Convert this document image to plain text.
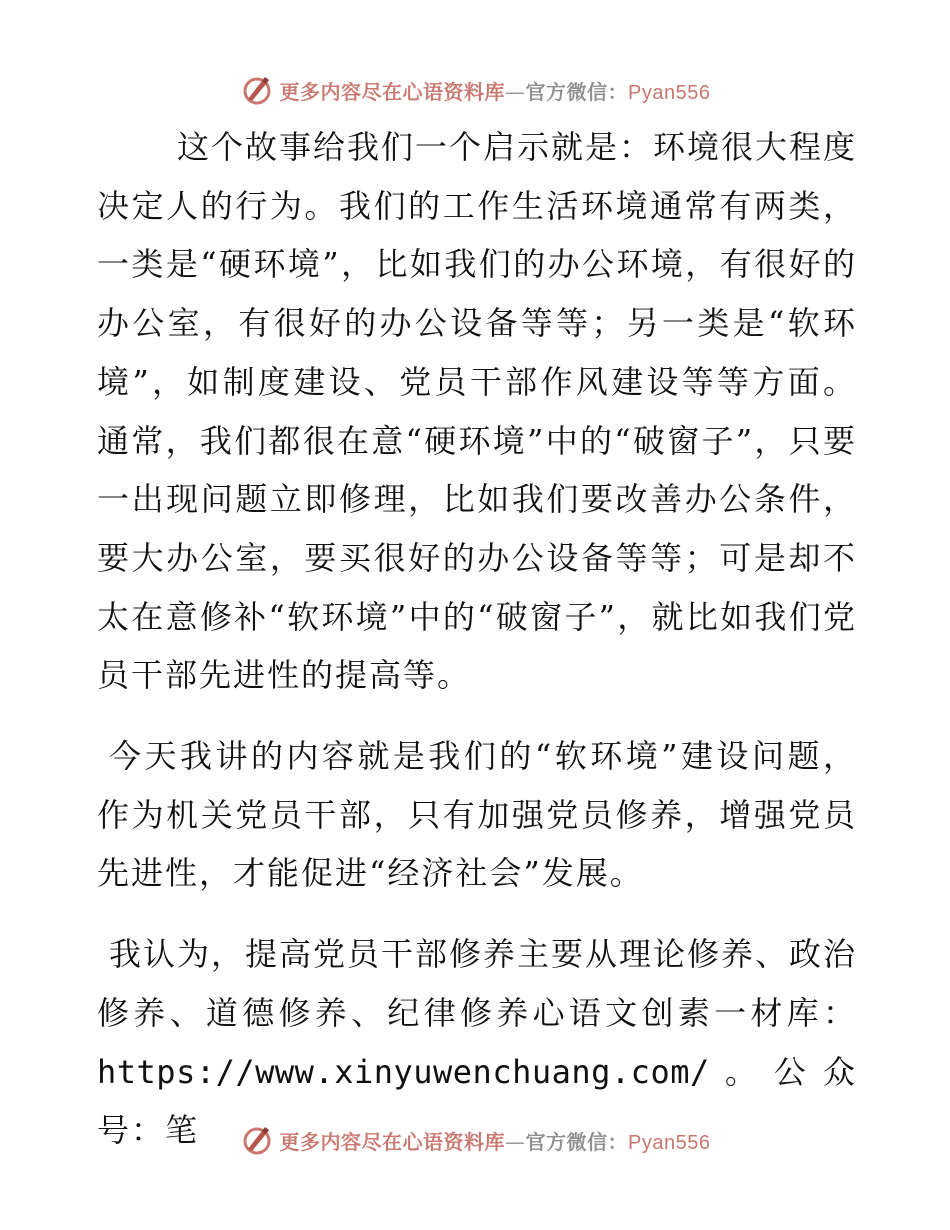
更多内容尽在心语资料库—官方微信：Pyan556

这个故事给我们一个启示就是：环境很大程度决定人的行为。我们的工作生活环境通常有两类，一类是“硬环境”，比如我们的办公环境，有很好的办公室，有很好的办公设备等等；另一类是“软环境”，如制度建设、党员干部作风建设等等方面。通常，我们都很在意“硬环境”中的“破窗子”，只要一出现问题立即修理，比如我们要改善办公条件，要大办公室，要买很好的办公设备等等；可是却不太在意修补“软环境”中的“破窗子”，就比如我们党员干部先进性的提高等。

今天我讲的内容就是我们的“软环境”建设问题，作为机关党员干部，只有加强党员修养，增强党员先进性，才能促进“经济社会”发展。

我认为，提高党员干部修养主要从理论修养、政治修养、道德修养、纪律修养心语文创素一材库：https://www.xinyuwenchuang.com/。公众号：笔	更多内容尽在心语资料库—官方微信：Pyan556
